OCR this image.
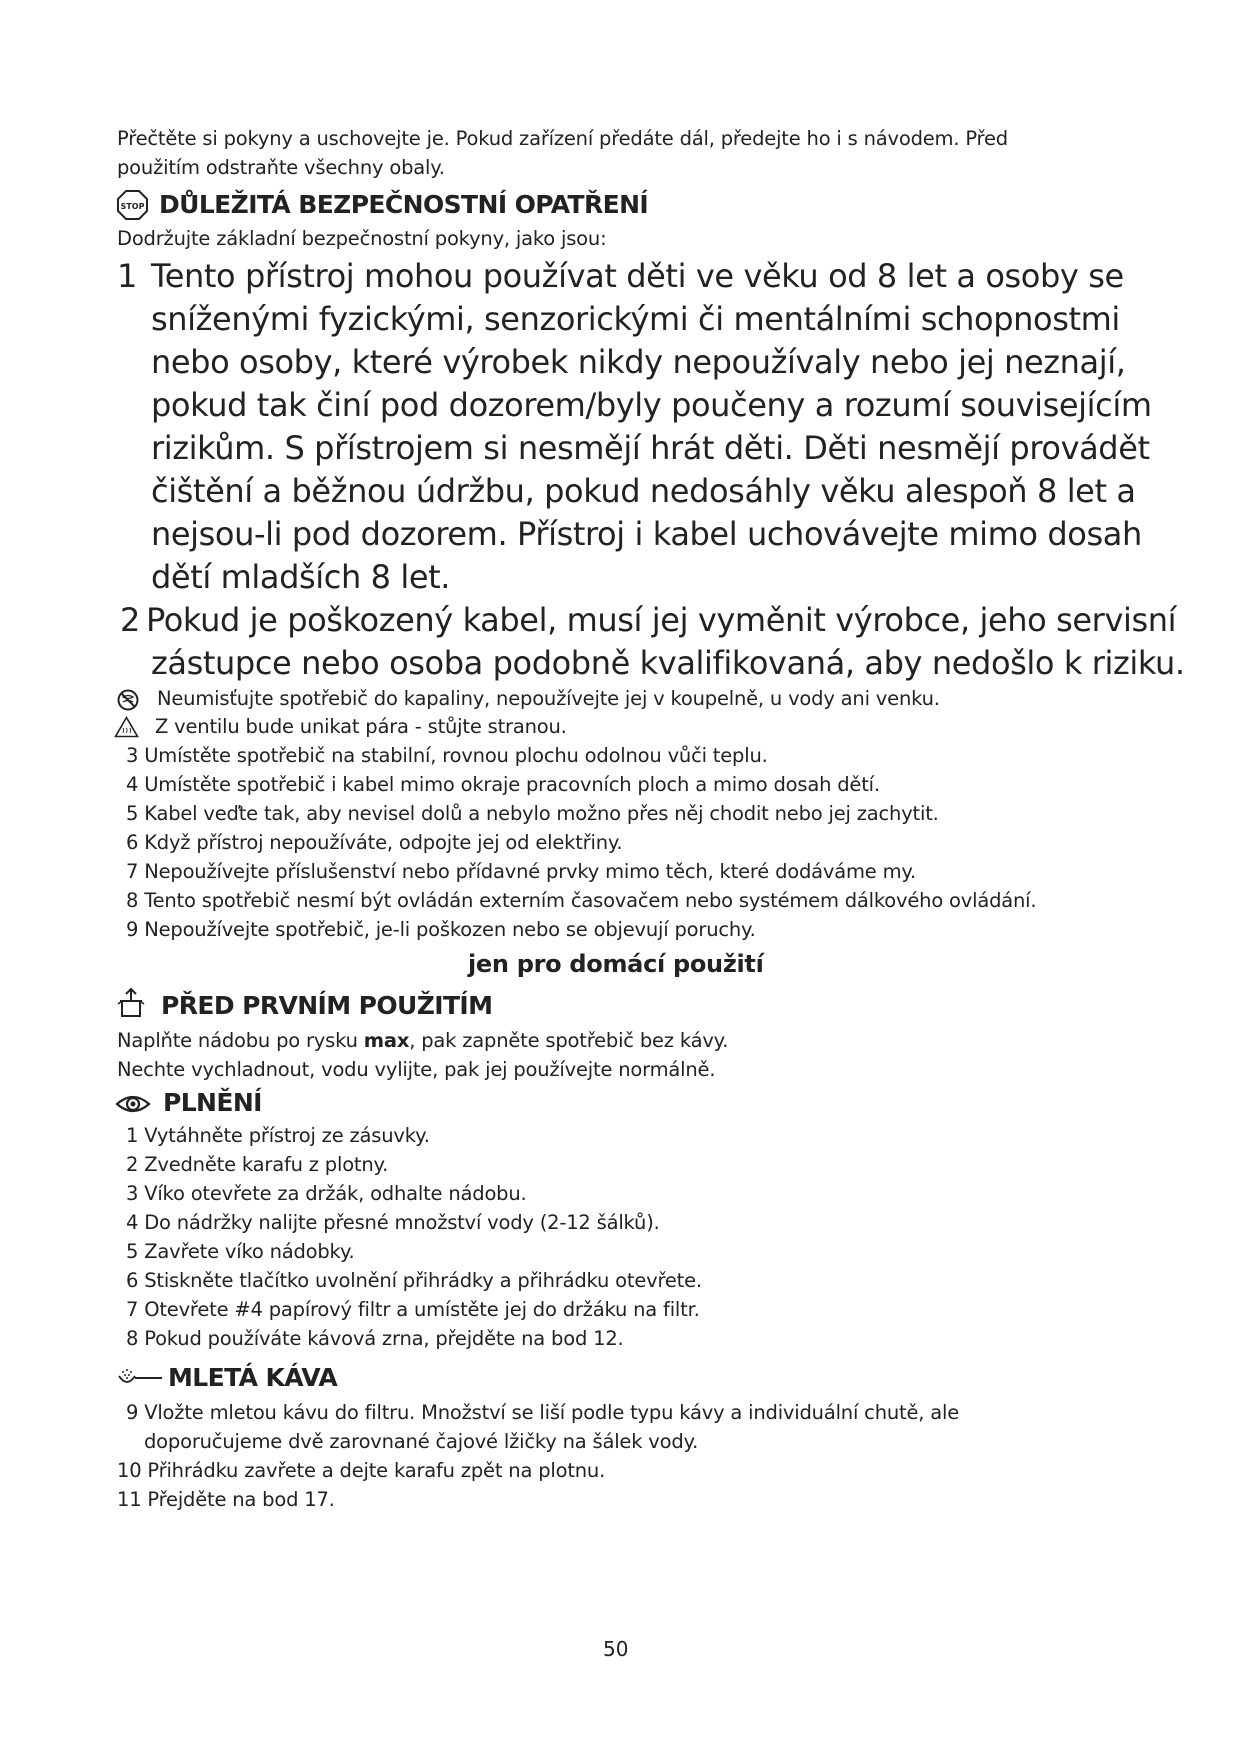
Přečtěte si pokyny a uschovejte je. Pokud zařízení předáte dál, předejte ho i s návodem. Před

použitím odstraňte všechny obaly.

STOP DŮLEŽITÁ BEZPEČNOSTNÍ OPATŘENÍ

Dodržujte základní bezpečnostní pokyny, jako jsou:

1 Tento přístroj mohou používat děti ve věku od 8 let a osoby se

sníženými fyzickými, senzorickými či mentálními schopnostmi

nebo osoby, které výrobek nikdy nepoužívaly nebo jej neznají,

pokud tak činí pod dozorem/byly poučeny a rozumí souvisejícím

rizikům. S přístrojem si nesmějí hrát děti. Děti nesmějí provádět

čištění a běžnou údržbu, pokud nedosáhly věku alespoň 8 let a

nejsou-li pod dozorem. Přístroj i kabel uchovávejte mimo dosah

dětí mladších 8 let.

2 Pokud je poškozený kabel, musí jej vyměnit výrobce, jeho servisní

zástupce nebo osoba podobně kvalifikovaná, aby nedošlo k riziku.

Neumisťujte spotřebič do kapaliny, nepoužívejte jej v koupelně, u vody ani venku.

Z ventilu bude unikat pára - stůjte stranou.

3 Umístěte spotřebič na stabilní, rovnou plochu odolnou vůči teplu.

4 Umístěte spotřebič i kabel mimo okraje pracovních ploch a mimo dosah dětí.

5 Kabel veďte tak, aby nevisel dolů a nebylo možno přes něj chodit nebo jej zachytit.

6 Když přístroj nepoužíváte, odpojte jej od elektřiny.

7 Nepoužívejte příslušenství nebo přídavné prvky mimo těch, které dodáváme my.

8 Tento spotřebič nesmí být ovládán externím časovačem nebo systémem dálkového ovládání.

9 Nepoužívejte spotřebič, je-li poškozen nebo se objevují poruchy.

jen pro domácí použití

PŘED PRVNÍM POUŽITÍM

Naplňte nádobu po rysku max, pak zapněte spotřebič bez kávy.

Nechte vychladnout, vodu vylijte, pak jej používejte normálně.

PLNĚNÍ

1 Vytáhněte přístroj ze zásuvky.

2 Zvedněte karafu z plotny.

3 Víko otevřete za držák, odhalte nádobu.

4 Do nádržky nalijte přesné množství vody (2-12 šálků).

5 Zavřete víko nádobky.

6 Stiskněte tlačítko uvolnění přihrádky a přihrádku otevřete.

7 Otevřete #4 papírový filtr a umístěte jej do držáku na filtr.

8 Pokud používáte kávová zrna, přejděte na bod 12.

MLETÁ KÁVA

9 Vložte mletou kávu do filtru. Množství se liší podle typu kávy a individuální chutě, ale

doporučujeme dvě zarovnané čajové lžičky na šálek vody.

10 Přihrádku zavřete a dejte karafu zpět na plotnu.

11 Přejděte na bod 17.

50
